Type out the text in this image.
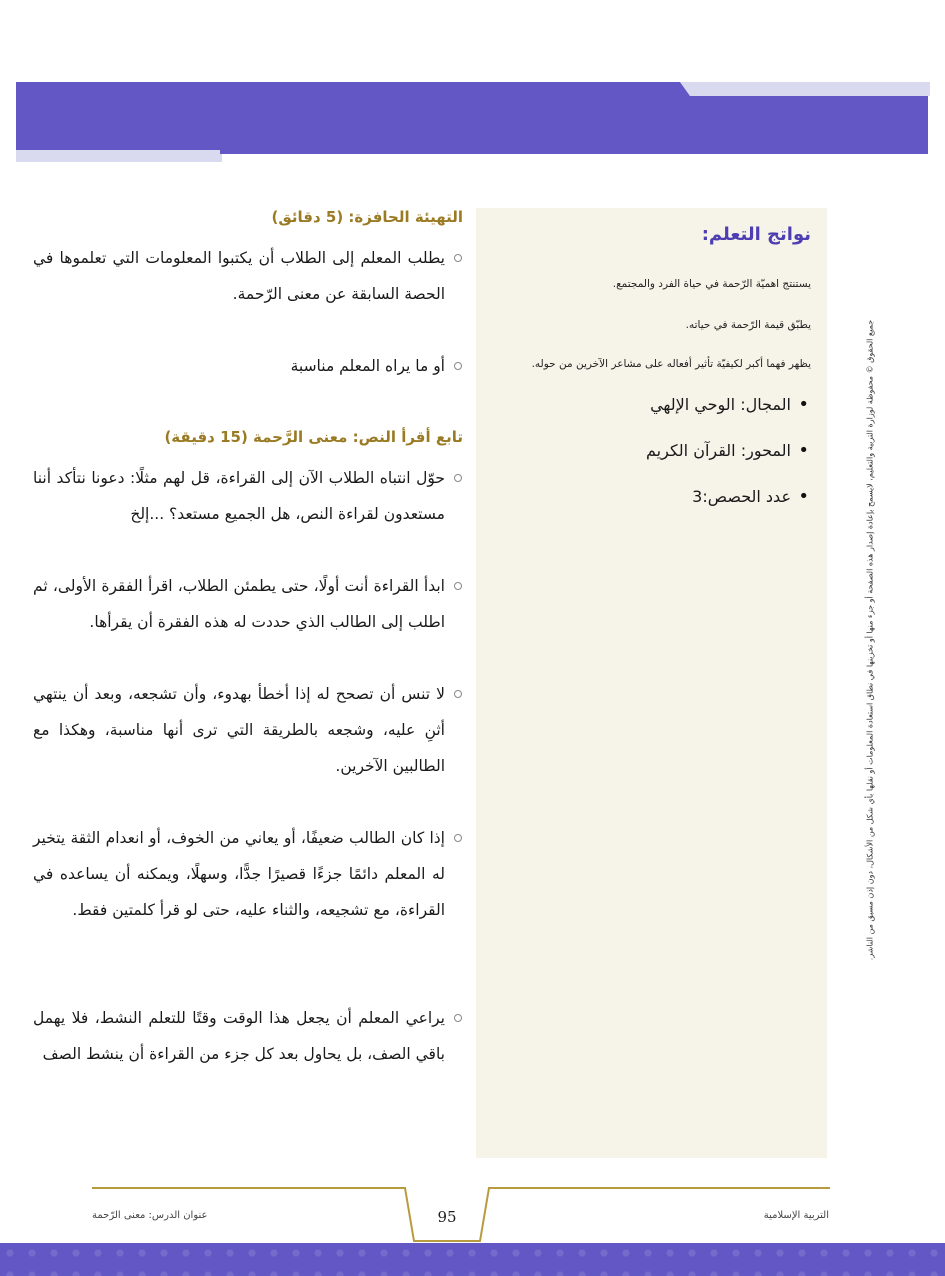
جميع الحقوق © محفوظة لوزارة التربية والتعليم، لايسمح بإعادة إصدار هذه الصفحة أو جزء منها أو تخزينها في نطاق استعادة المعلومات أو نقلها بأي شكل من الأشكال، دون إذن مسبق من الناشر.
نواتج التعلم:

يستنتج اهميّة الرّحمة في حياة الفرد والمجتمع.

يطبّق قيمة الرّحمة في حياته.

يظهر فهما أكبر لكيفيّة تأثير أفعاله على مشاعر الآخرين من حوله.

• المجال: الوحي الإلهي
• المحور: القرآن الكريم
• عدد الحصص:3
التهيئة الحافزة: (5 دقائق)

يطلب المعلم إلى الطلاب أن يكتبوا المعلومات التي تعلموها في الحصة السابقة عن معنى الرّحمة.

أو ما يراه المعلم مناسبة

تابع أقرأ النص: معنى الرَّحمة (15 دقيقة)

حوّل انتباه الطلاب الآن إلى القراءة، قل لهم مثلًا: دعونا نتأكد أننا مستعدون لقراءة النص، هل الجميع مستعد؟ ...إلخ

ابدأ القراءة أنت أولًا، حتى يطمئن الطلاب، اقرأ الفقرة الأولى، ثم اطلب إلى الطالب الذي حددت له هذه الفقرة أن يقرأها.

لا تنس أن تصحح له إذا أخطأ بهدوء، وأن تشجعه، وبعد أن ينتهي أثنِ عليه، وشجعه بالطريقة التي ترى أنها مناسبة، وهكذا مع الطالبين الآخرين.

إذا كان الطالب ضعيفًا، أو يعاني من الخوف، أو انعدام الثقة يتخير له المعلم دائمًا جزءًا قصيرًا جدًّا، وسهلًا، ويمكنه أن يساعده في القراءة، مع تشجيعه، والثناء عليه، حتى لو قرأ كلمتين فقط.

يراعي المعلم أن يجعل هذا الوقت وقتًا للتعلم النشط، فلا يهمل باقي الصف، بل يحاول بعد كل جزء من القراءة أن ينشط الصف

95
عنوان الدرس: معنى الرّحمة	التربية الإسلامية
